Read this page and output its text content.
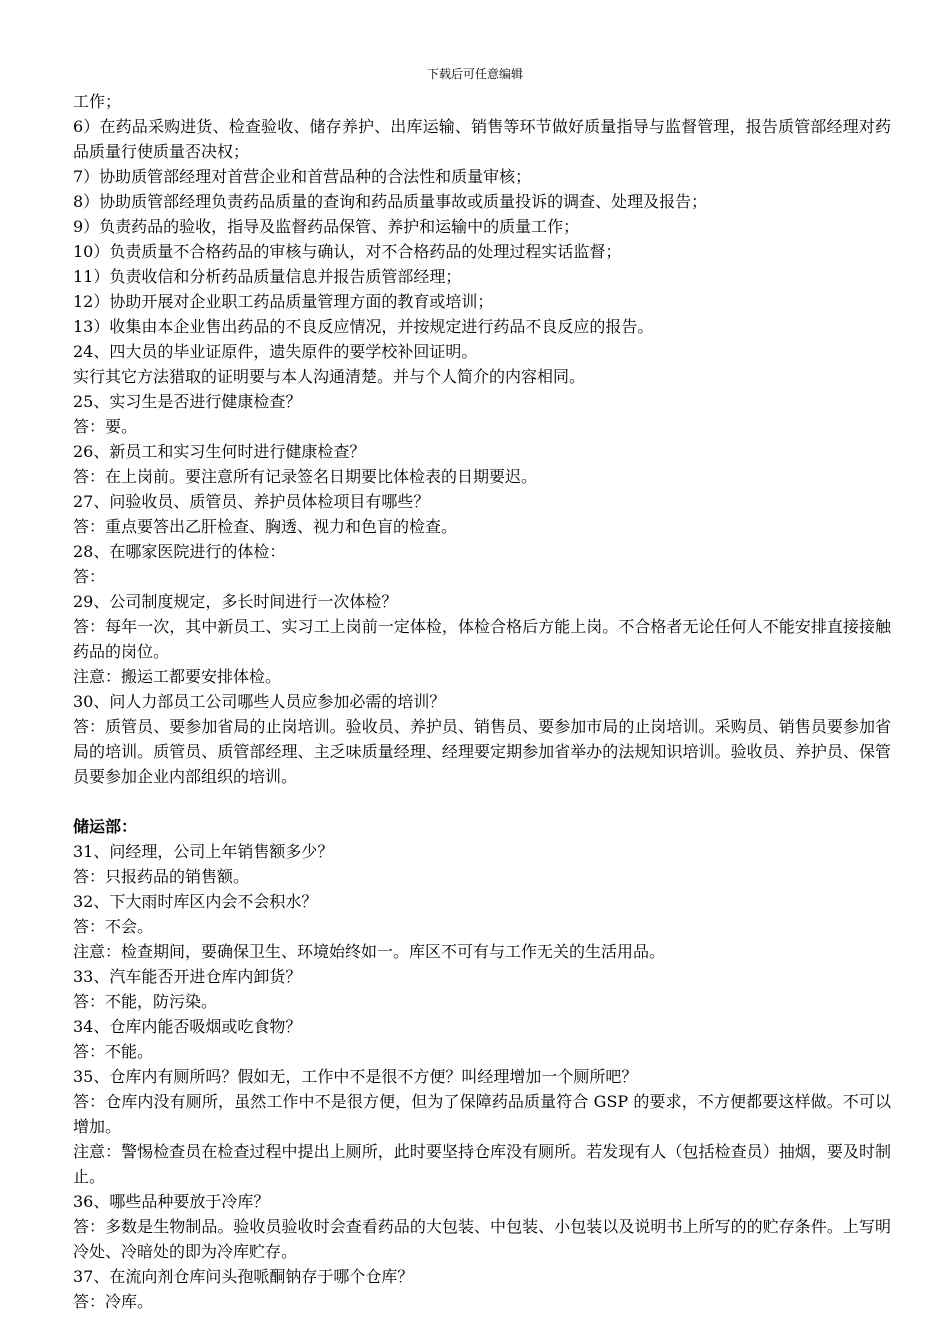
下载后可任意编辑

工作；

6）在药品采购进货、检查验收、储存养护、出库运输、销售等环节做好质量指导与监督管理，报告质管部经理对药品质量行使质量否决权；

7）协助质管部经理对首营企业和首营品种的合法性和质量审核；

8）协助质管部经理负责药品质量的查询和药品质量事故或质量投诉的调查、处理及报告；

9）负责药品的验收，指导及监督药品保管、养护和运输中的质量工作；

10）负责质量不合格药品的审核与确认，对不合格药品的处理过程实话监督；

11）负责收信和分析药品质量信息并报告质管部经理；

12）协助开展对企业职工药品质量管理方面的教育或培训；

13）收集由本企业售出药品的不良反应情况，并按规定进行药品不良反应的报告。

24、四大员的毕业证原件，遗失原件的要学校补回证明。

实行其它方法猎取的证明要与本人沟通清楚。并与个人简介的内容相同。

25、实习生是否进行健康检查？

答：要。

26、新员工和实习生何时进行健康检查？

答：在上岗前。要注意所有记录签名日期要比体检表的日期要迟。

27、问验收员、质管员、养护员体检项目有哪些？

答：重点要答出乙肝检查、胸透、视力和色盲的检查。

28、在哪家医院进行的体检：

答：

29、公司制度规定，多长时间进行一次体检？

答：每年一次，其中新员工、实习工上岗前一定体检，体检合格后方能上岗。不合格者无论任何人不能安排直接接触药品的岗位。

注意：搬运工都要安排体检。

30、问人力部员工公司哪些人员应参加必需的培训？

答：质管员、要参加省局的止岗培训。验收员、养护员、销售员、要参加市局的止岗培训。采购员、销售员要参加省局的培训。质管员、质管部经理、主乏味质量经理、经理要定期参加省举办的法规知识培训。验收员、养护员、保管员要参加企业内部组织的培训。

储运部：

31、问经理，公司上年销售额多少？

答：只报药品的销售额。

32、下大雨时库区内会不会积水？

答：不会。

注意：检查期间，要确保卫生、环境始终如一。库区不可有与工作无关的生活用品。

33、汽车能否开进仓库内卸货？

答：不能，防污染。

34、仓库内能否吸烟或吃食物？

答：不能。

35、仓库内有厕所吗？假如无，工作中不是很不方便？叫经理增加一个厕所吧？

答：仓库内没有厕所，虽然工作中不是很方便，但为了保障药品质量符合 GSP 的要求，不方便都要这样做。不可以增加。

注意：警惕检查员在检查过程中提出上厕所，此时要坚持仓库没有厕所。若发现有人（包括检查员）抽烟，要及时制止。

36、哪些品种要放于冷库？

答：多数是生物制品。验收员验收时会查看药品的大包装、中包装、小包装以及说明书上所写的的贮存条件。上写明冷处、冷暗处的即为冷库贮存。

37、在流向剂仓库问头孢哌酮钠存于哪个仓库？

答：冷库。
